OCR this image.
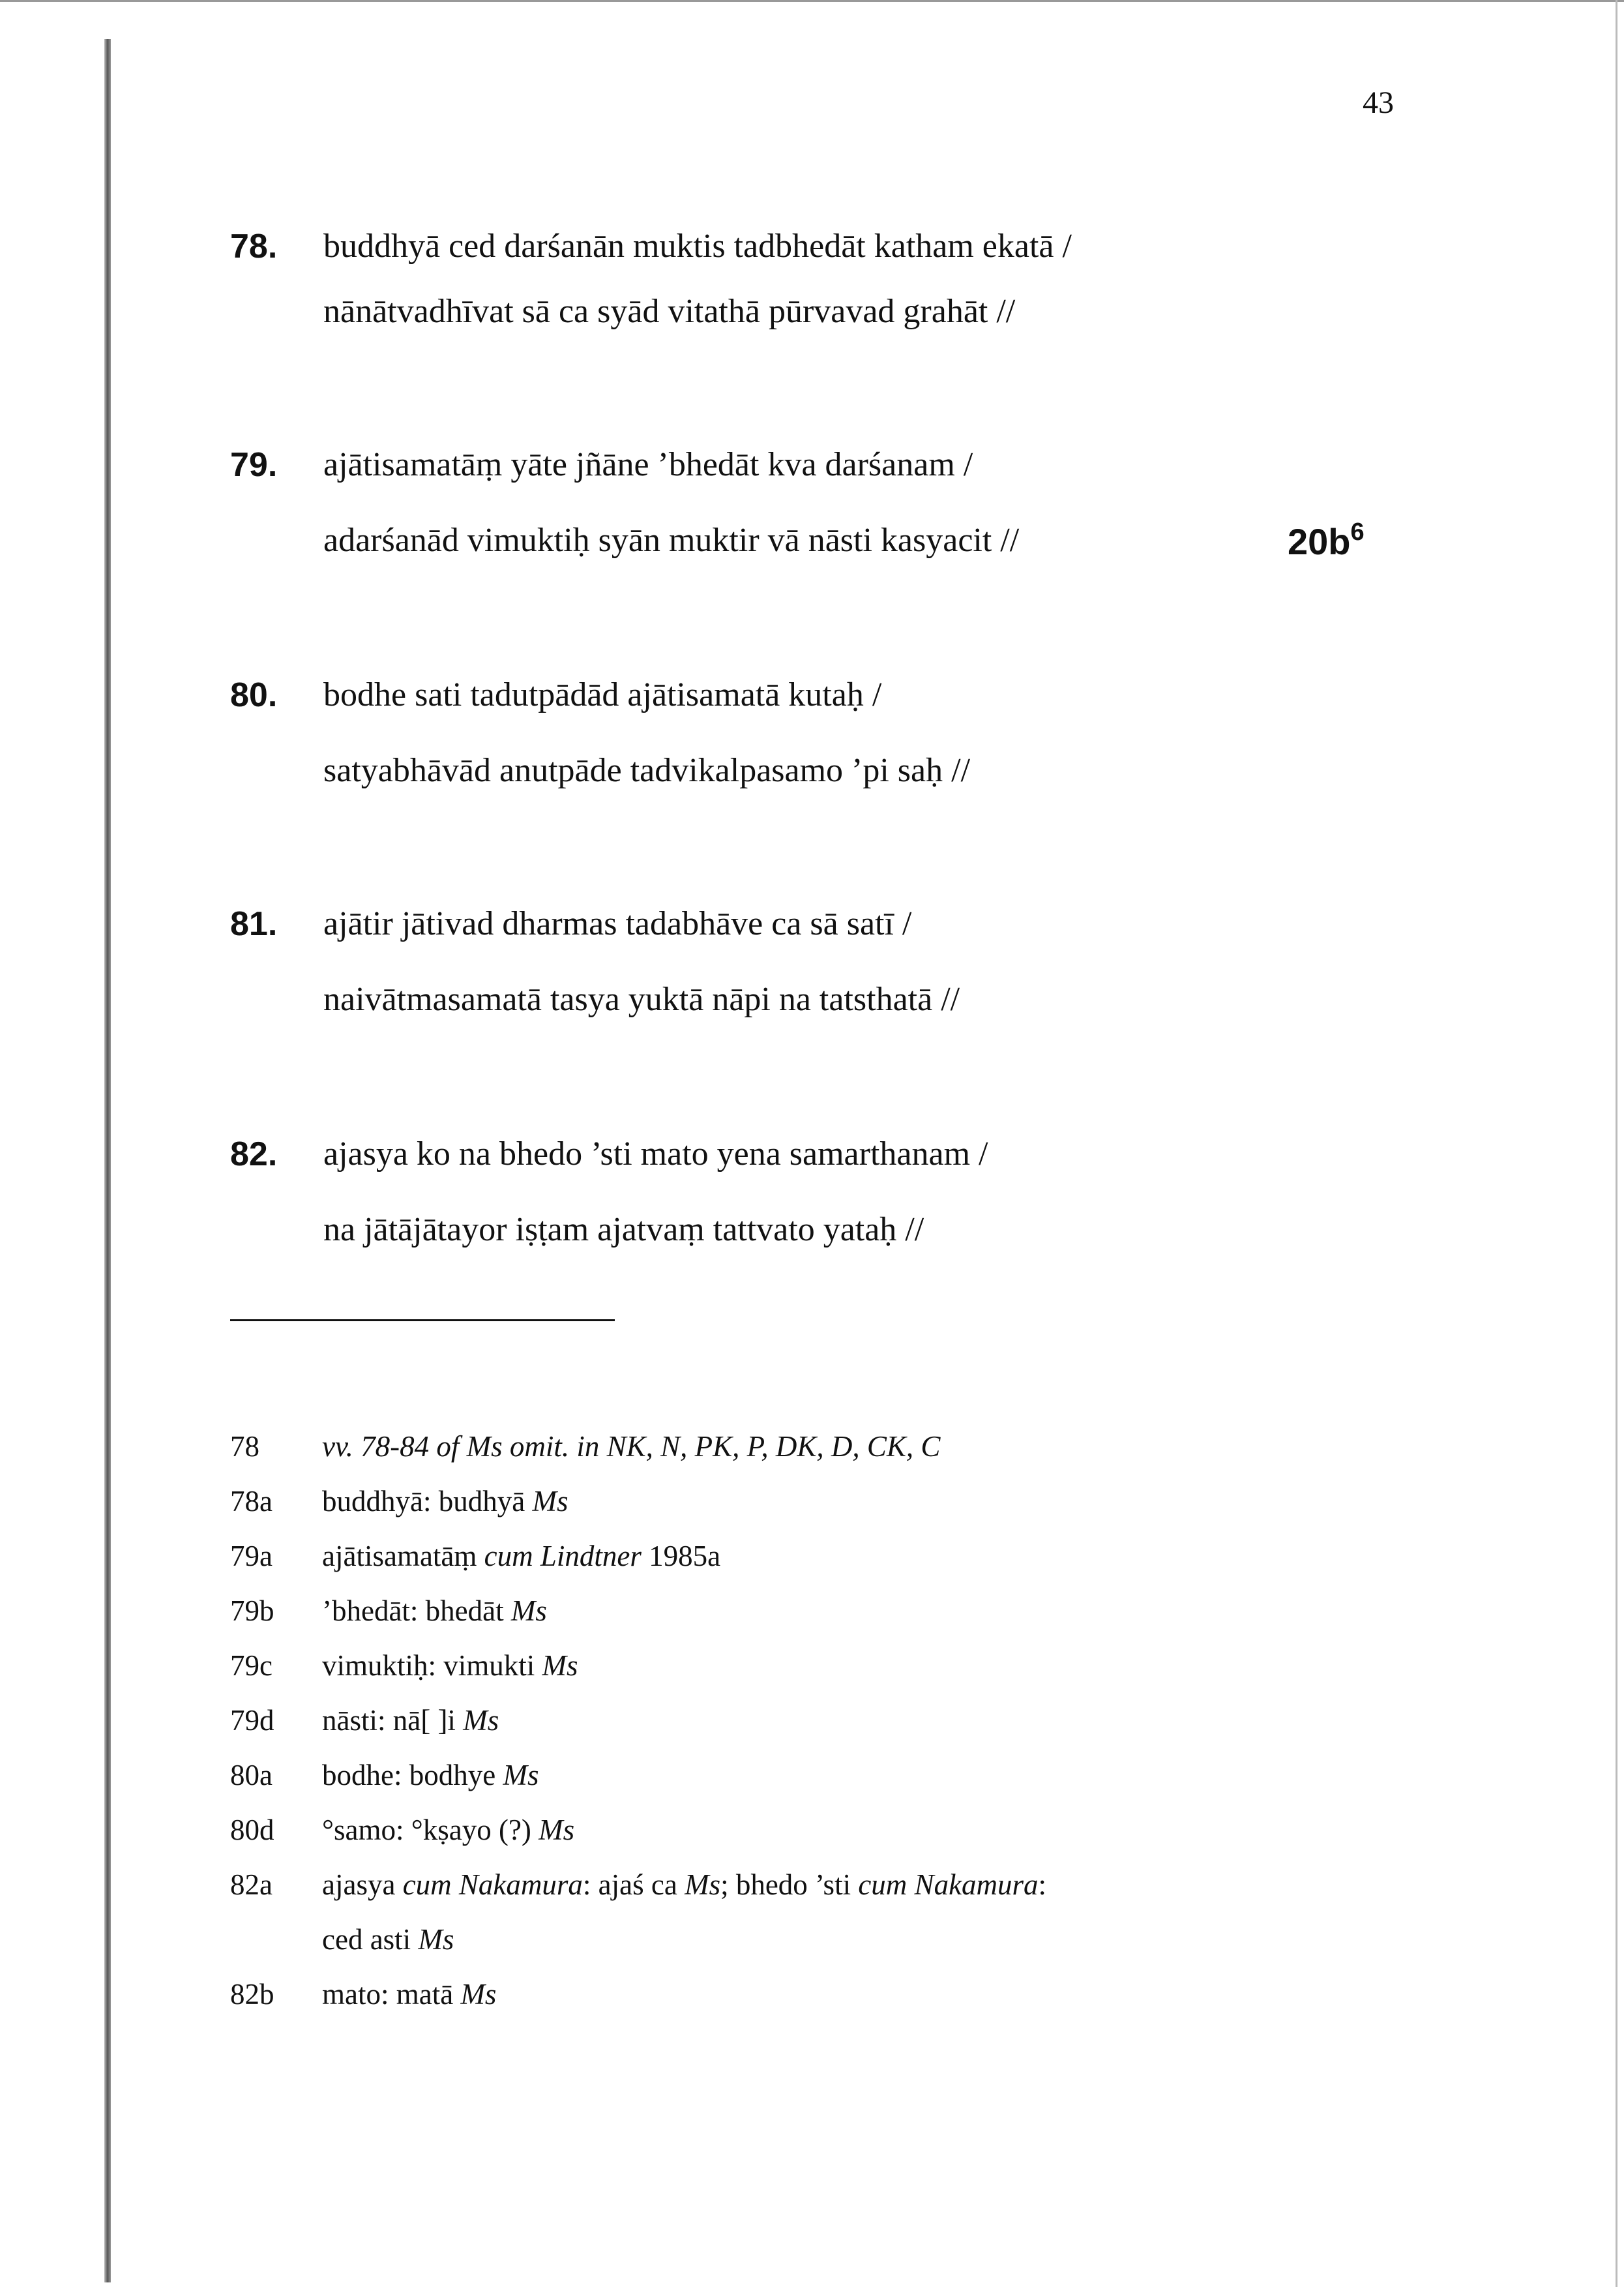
43
78. buddhyā ced darśanān muktis tadbhedāt katham ekatā /
nānātvadhīvat sā ca syād vitathā pūrvavad grahāt //
79. ajātisamatāṃ yāte jñāne ’bhedāt kva darśanam /
adarśanād vimuktiḥ syān muktir vā nāsti kasyacit //
80. bodhe sati tadutpādād ajātisamatā kutaḥ /
satyabhāvād anutpāde tadvikalpasamo ’pi saḥ //
81. ajātir jātivad dharmas tadabhāve ca sā satī /
naivātmasamatā tasya yuktā nāpi na tatsthatā //
82. ajasya ko na bhedo ’sti mato yena samarthanam /
na jātājātayor iṣṭam ajatvaṃ tattvato yataḥ //
$20b^6$
78 vv. 78-84 of Ms omit. in NK, N, PK, P, DK, D, CK, C
78a buddhyā: budhyā Ms
79a ajātisamatāṃ cum Lindtner 1985a
79b ’bhedāt: bhedāt Ms
79c vimuktiḥ: vimukti Ms
79d nāsti: nā[ ]i Ms
80a bodhe: bodhye Ms
80d °samo: °kṣayo (?) Ms
82a ajasya cum Nakamura: ajaś ca Ms; bhedo ’sti cum Nakamura:
ced asti Ms
82b mato: matā Ms
